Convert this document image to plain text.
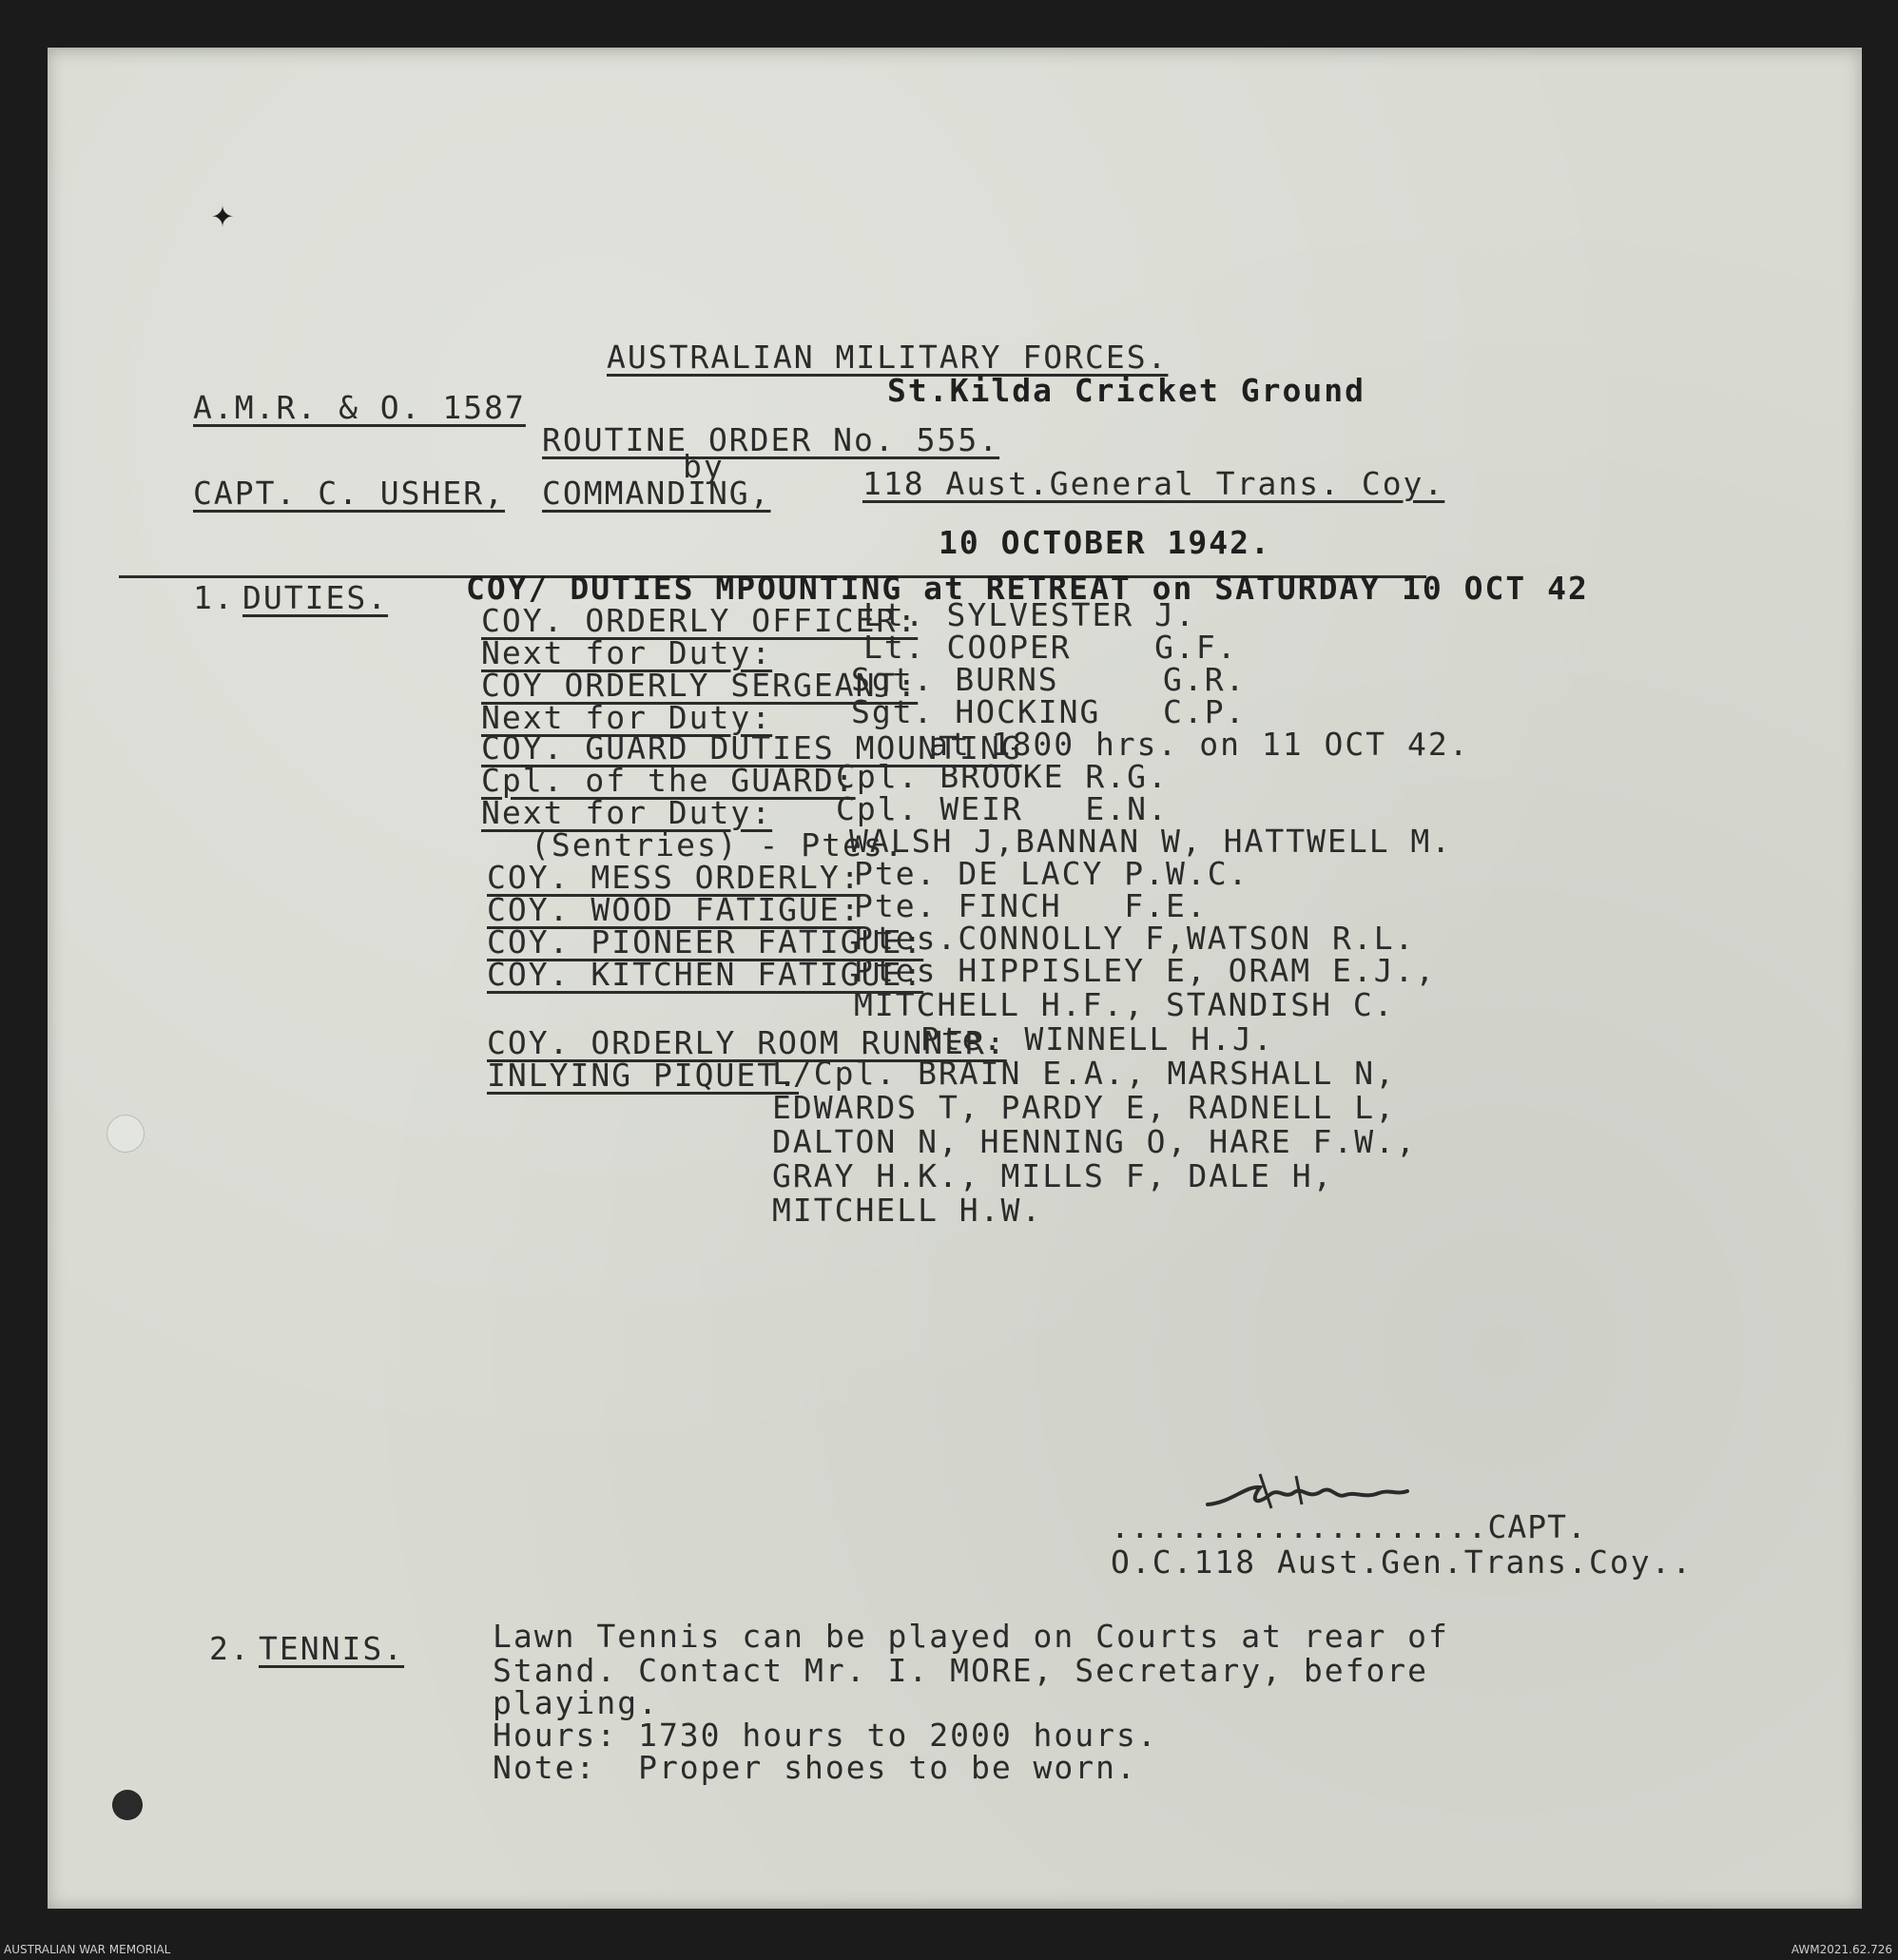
✦
AUSTRALIAN MILITARY FORCES.
St.Kilda Cricket Ground
A.M.R. & O. 1587
ROUTINE ORDER No. 555.
by
CAPT. C. USHER, COMMANDING,	118 Aust.General Trans. Coy.
10 OCTOBER 1942.
1. DUTIES. COY/ DUTIES MPOUNTING at RETREAT on SATURDAY 10 OCT 42
COY. ORDERLY OFFICER:
Lt. SYLVESTER J.
Next for Duty:	Lt. COOPER    G.F.
COY ORDERLY SERGEANT:
Sgt. BURNS     G.R.
Next for Duty:	Sgt. HOCKING   C.P.
COY. GUARD DUTIES MOUNTING
at 1800 hrs. on 11 OCT 42.
Cpl. of the GUARD:
Cpl. BROOKE R.G.
Next for Duty: Cpl. WEIR   E.N.
(Sentries) - Ptes.
WALSH J,BANNAN W, HATTWELL M.
COY. MESS ORDERLY:
Pte. DE LACY P.W.C.
COY. WOOD FATIGUE:
Pte. FINCH   F.E.
COY. PIONEER FATIGUE:
Ptes.CONNOLLY F,WATSON R.L.
COY. KITCHEN FATIGUE:
Ptes HIPPISLEY E, ORAM E.J.,
MITCHELL H.F., STANDISH C.
COY. ORDERLY ROOM RUNNER:
Pte. WINNELL H.J.
INLYING PIQUET.
L/Cpl. BRAIN E.A., MARSHALL N,
EDWARDS T, PARDY E, RADNELL L,
DALTON N, HENNING O, HARE F.W.,
GRAY H.K., MILLS F, DALE H,
MITCHELL H.W.
...................CAPT.
O.C.118 Aust.Gen.Trans.Coy..
2. TENNIS.	Lawn Tennis can be played on Courts at rear of
Stand. Contact Mr. I. MORE, Secretary, before
playing.
Hours: 1730 hours to 2000 hours.
Note:  Proper shoes to be worn.
AUSTRALIAN WAR MEMORIAL	AWM2021.62.726
